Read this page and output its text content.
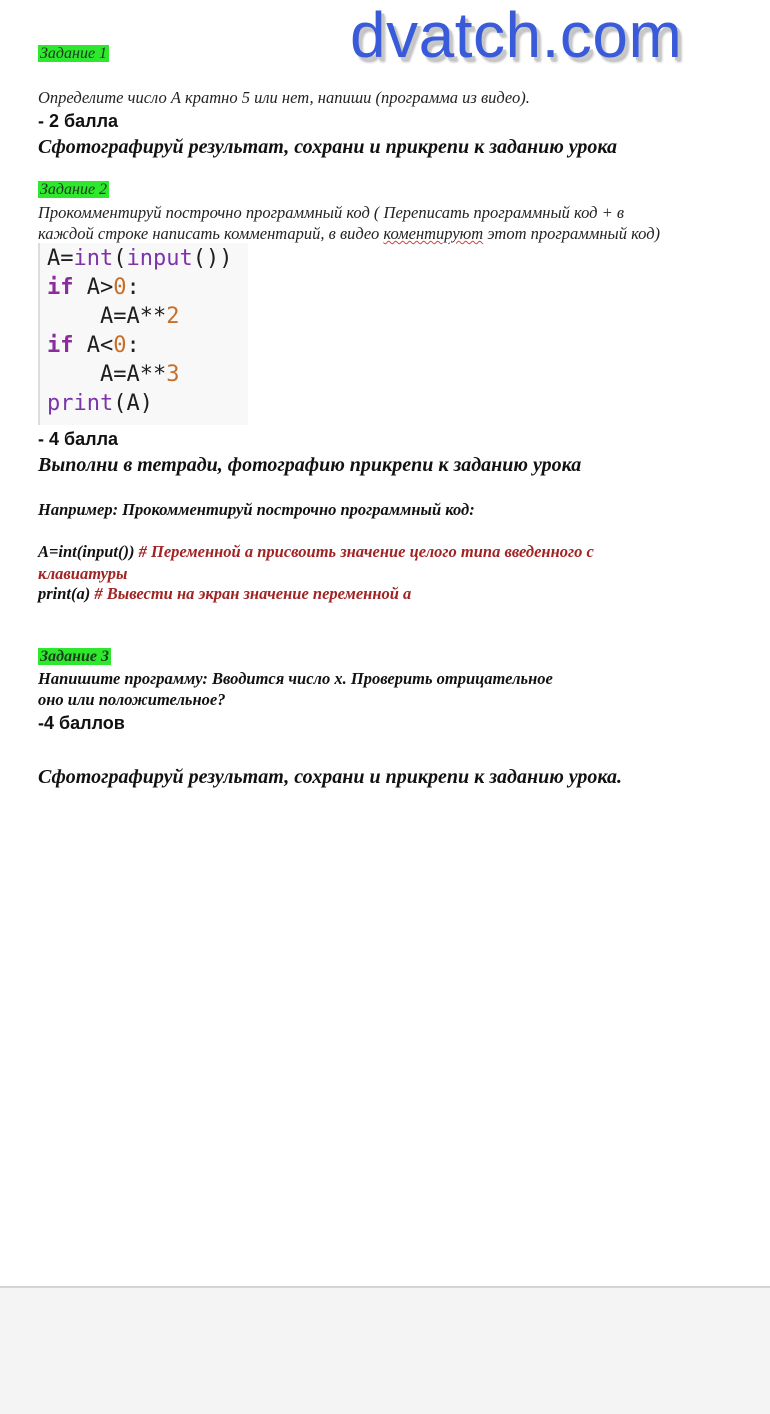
dvatch.com
Задание 1
Определите число А кратно 5 или нет, напиши (программа из видео).
- 2 балла
Сфотографируй результат, сохрани и прикрепи к заданию урока
Задание 2
Прокомментируй построчно программный код ( Переписать программный код + в
каждой строке написать комментарий, в видео коментируют этот программный код)
A=int(input())
if A>0:
A=A**2
if A<0:
A=A**3
print(A)
- 4 балла
Выполни в тетради, фотографию прикрепи к заданию урока
Например: Прокомментируй построчно программный код:
A=int(input()) # Переменной а присвоить значение целого типа введенного с
клавиатуры
print(a) # Вывести на экран значение переменной а
Задание 3
Напишите программу: Вводится число х. Проверить отрицательное
оно или положительное?
-4 баллов
Сфотографируй результат, сохрани и прикрепи к заданию урока.
